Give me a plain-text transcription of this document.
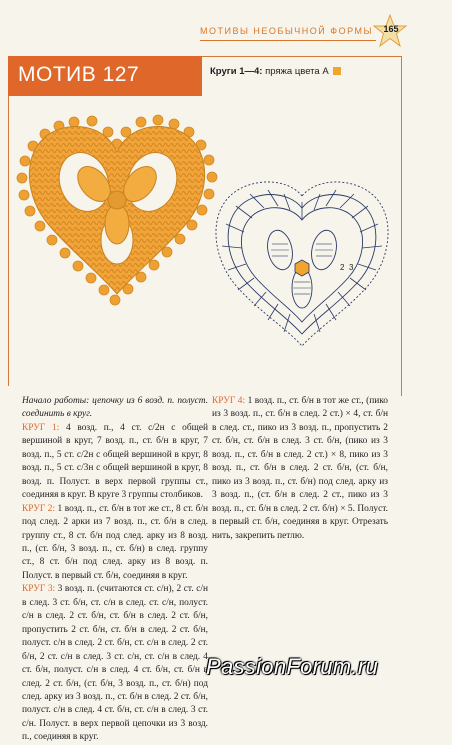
МОТИВЫ НЕОБЫЧНОЙ ФОРМЫ	165
МОТИВ 127	Круги 1—4: пряжа цвета А
2 3

Начало работы: цепочку из 6 возд. п. полуст. соединить в круг.

КРУГ 1: 4 возд. п., 4 ст. с/2н с общей вершиной в круг, 7 возд. п., ст. б/н в круг, 7 возд. п., 5 ст. с/2н с общей вершиной в круг, 8 возд. п., 5 ст. с/3н с общей вершиной в круг, 8 возд. п. Полуст. в верх первой группы ст., соединяя в круг. В круге 3 группы столбиков.

КРУГ 2: 1 возд. п., ст. б/н в тот же ст., 8 ст. б/н под след. 2 арки из 7 возд. п., ст. б/н в след. группу ст., 8 ст. б/н под след. арку из 8 возд. п., (ст. б/н, 3 возд. п., ст. б/н) в след. группу ст., 8 ст. б/н под след. арку из 8 возд. п. Полуст. в первый ст. б/н, соединяя в круг.

КРУГ 3: 3 возд. п. (считаются ст. с/н), 2 ст. с/н в след. 3 ст. б/н, ст. с/н в след. ст. с/н, полуст. с/н в след. 2 ст. б/н, ст. б/н в след. 2 ст. б/н, пропустить 2 ст. б/н, ст. б/н в след. 2 ст. б/н, полуст. с/н в след. 2 ст. б/н, ст. с/н в след. 2 ст. б/н, 2 ст. с/н в след. 3 ст. с/н, ст. с/н в след. 4 ст. б/н, полуст. с/н в след. 4 ст. б/н, ст. б/н в след. 2 ст. б/н, (ст. б/н, 3 возд. п., ст. б/н) под след. арку из 3 возд. п., ст. б/н в след. 2 ст. б/н, полуст. с/н в след. 4 ст. б/н, ст. с/н в след. 3 ст. с/н. Полуст. в верх первой цепочки из 3 возд. п., соединяя в круг.

КРУГ 4: 1 возд. п., ст. б/н в тот же ст., (пико из 3 возд. п., ст. б/н в след. 2 ст.) × 4, ст. б/н в след. ст., пико из 3 возд. п., пропустить 2 ст. б/н, ст. б/н в след. 3 ст. б/н, (пико из 3 возд. п., ст. б/н в след. 2 ст.) × 8, пико из 3 возд. п., ст. б/н в след. 2 ст. б/н, (ст. б/н, пико из 3 возд. п., ст. б/н) под след. арку из 3 возд. п., (ст. б/н в след. 2 ст., пико из 3 возд. п., ст. б/н в след. 2 ст. б/н) × 5. Полуст. в первый ст. б/н, соединяя в круг. Отрезать нить, закрепить петлю.

PassionForum.ru
